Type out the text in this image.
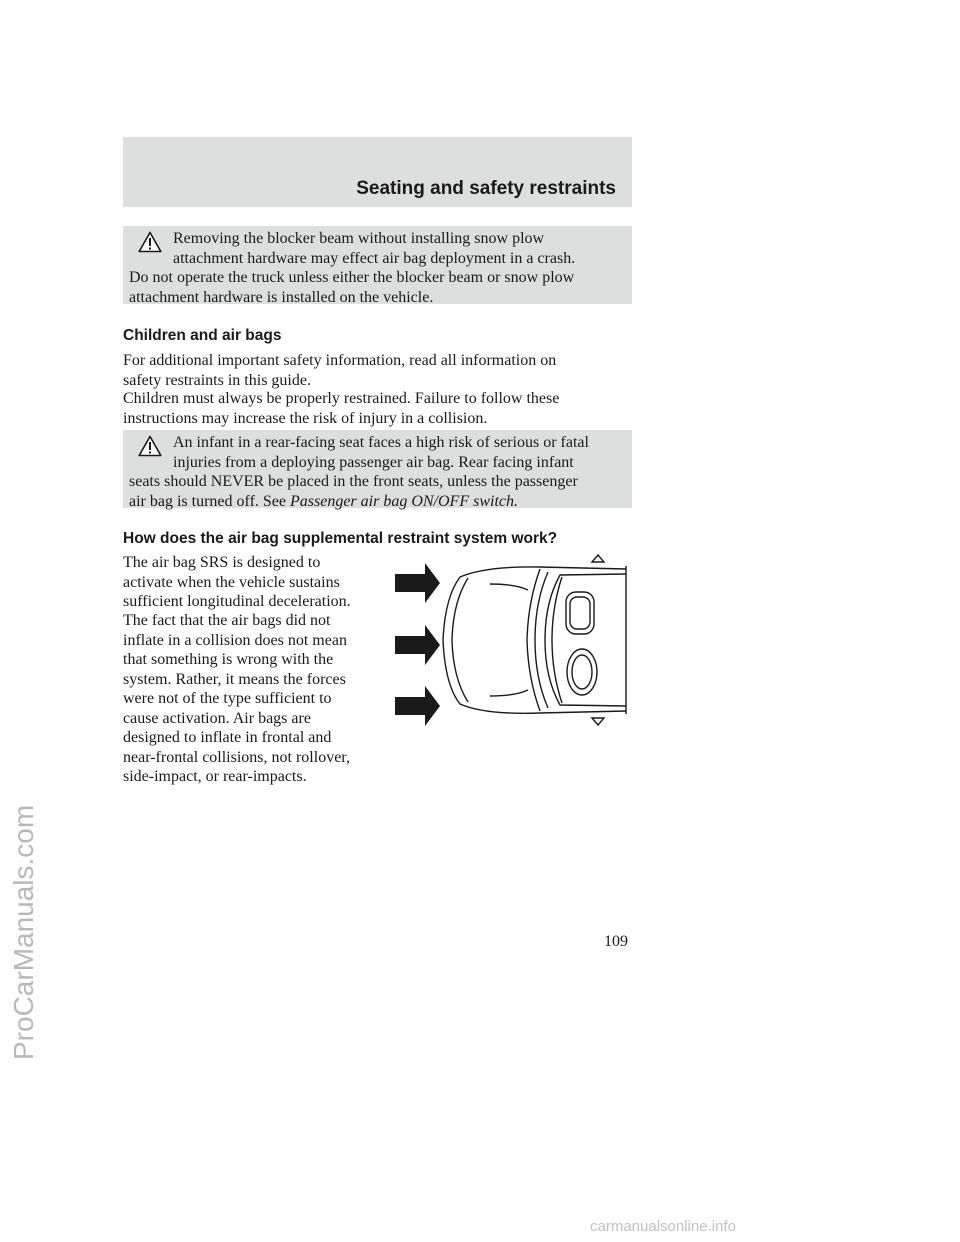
Seating and safety restraints
Removing the blocker beam without installing snow plow
attachment hardware may effect air bag deployment in a crash.
Do not operate the truck unless either the blocker beam or snow plow
attachment hardware is installed on the vehicle.
Children and air bags
For additional important safety information, read all information on
safety restraints in this guide.
Children must always be properly restrained. Failure to follow these
instructions may increase the risk of injury in a collision.
An infant in a rear-facing seat faces a high risk of serious or fatal
injuries from a deploying passenger air bag. Rear facing infant
seats should NEVER be placed in the front seats, unless the passenger
air bag is turned off. See Passenger air bag ON/OFF switch.
How does the air bag supplemental restraint system work?
The air bag SRS is designed to
activate when the vehicle sustains
sufficient longitudinal deceleration.
The fact that the air bags did not
inflate in a collision does not mean
that something is wrong with the
system. Rather, it means the forces
were not of the type sufficient to
cause activation. Air bags are
designed to inflate in frontal and
near-frontal collisions, not rollover,
side-impact, or rear-impacts.
109
ProCarManuals.com
carmanualsonline.info
